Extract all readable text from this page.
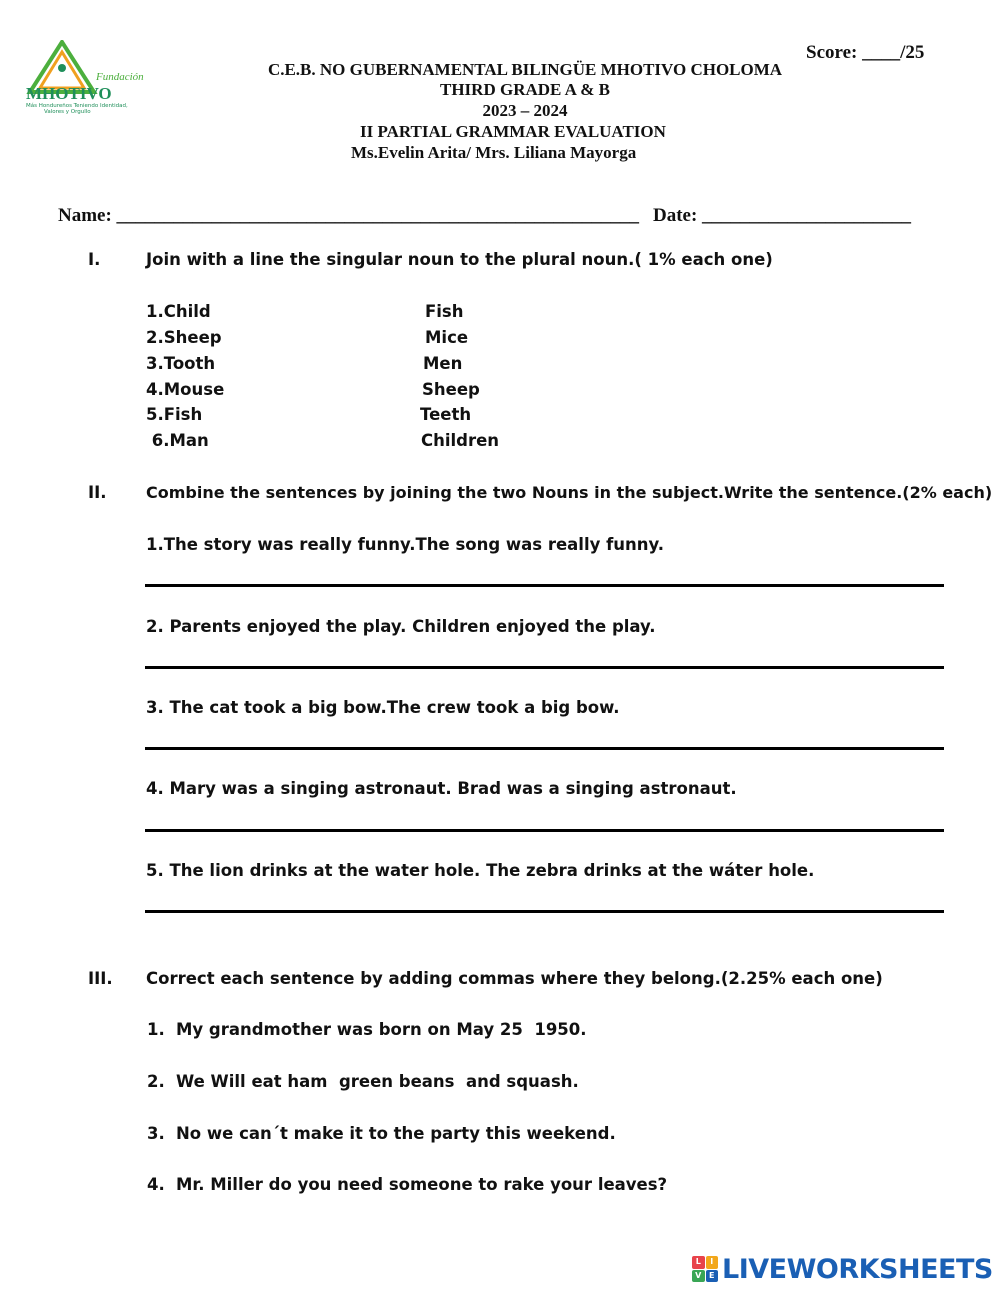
Fundación
MHOTIVO
Más Hondureños Teniendo Identidad,
Valores y Orgullo
Score: ____/25
C.E.B. NO GUBERNAMENTAL BILINGÜE MHOTIVO CHOLOMA
THIRD GRADE A & B
2023 – 2024
II PARTIAL GRAMMAR EVALUATION
Ms.Evelin Arita/ Mrs. Liliana Mayorga
Name: _______________________________________________________ Date: ______________________
I.	Join with a line the singular noun to the plural noun.( 1% each one)
1.Child
2.Sheep
3.Tooth
4.Mouse
5.Fish
6.Man
Fish
Mice
Men
Sheep
Teeth
Children
II. Combine the sentences by joining the two Nouns in the subject.Write the sentence.(2% each)
1.The story was really funny.The song was really funny.
2. Parents enjoyed the play. Children enjoyed the play.
3. The cat took a big bow.The crew took a big bow.
4. Mary was a singing astronaut. Brad was a singing astronaut.
5. The lion drinks at the water hole. The zebra drinks at the wáter hole.
III. Correct each sentence by adding commas where they belong.(2.25% each one)
1. My grandmother was born on May 25  1950.
2. We Will eat ham  green beans  and squash.
3. No we can´t make it to the party this weekend.
4. Mr. Miller do you need someone to rake your leaves?
L	I
V E LIVEWORKSHEETS
